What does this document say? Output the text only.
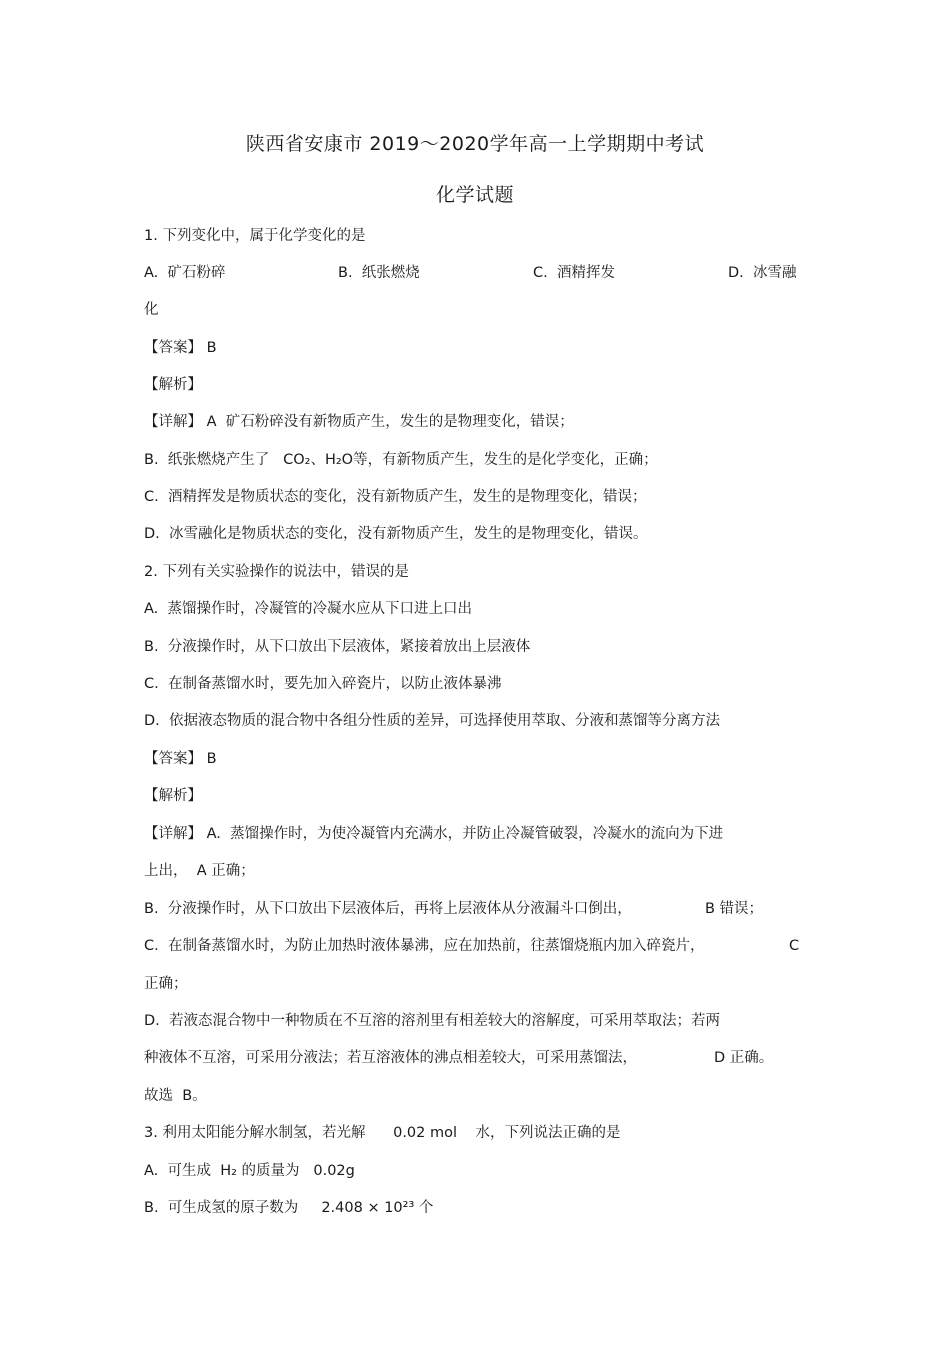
陕西省安康市 2019～2020学年高一上学期期中考试
化学试题
1. 下列变化中，属于化学变化的是
A.  矿石粉碎	B.  纸张燃烧	C.  酒精挥发	D.  冰雪融
化
【答案】 B
【解析】
【详解】 A  矿石粉碎没有新物质产生，发生的是物理变化，错误；
B.  纸张燃烧产生了   CO₂、H₂O等，有新物质产生，发生的是化学变化，正确；
C.  酒精挥发是物质状态的变化，没有新物质产生，发生的是物理变化，错误；
D.  冰雪融化是物质状态的变化，没有新物质产生，发生的是物理变化，错误。
2. 下列有关实验操作的说法中，错误的是
A.  蒸馏操作时，冷凝管的冷凝水应从下口进上口出
B.  分液操作时，从下口放出下层液体，紧接着放出上层液体
C.  在制备蒸馏水时，要先加入碎瓷片，以防止液体暴沸
D.  依据液态物质的混合物中各组分性质的差异，可选择使用萃取、分液和蒸馏等分离方法
【答案】 B
【解析】
【详解】 A.  蒸馏操作时，为使冷凝管内充满水，并防止冷凝管破裂，冷凝水的流向为下进
上出，  A 正确；
B.  分液操作时，从下口放出下层液体后，再将上层液体从分液漏斗口倒出，	B 错误；
C.  在制备蒸馏水时，为防止加热时液体暴沸，应在加热前，往蒸馏烧瓶内加入碎瓷片，	C
正确；
D.  若液态混合物中一种物质在不互溶的溶剂里有相差较大的溶解度，可采用萃取法；若两
种液体不互溶，可采用分液法；若互溶液体的沸点相差较大，可采用蒸馏法，	D 正确。
故选  B。
3. 利用太阳能分解水制氢，若光解      0.02 mol    水，下列说法正确的是
A.  可生成  H₂ 的质量为   0.02g
B.  可生成氢的原子数为     2.408 × 10²³ 个
